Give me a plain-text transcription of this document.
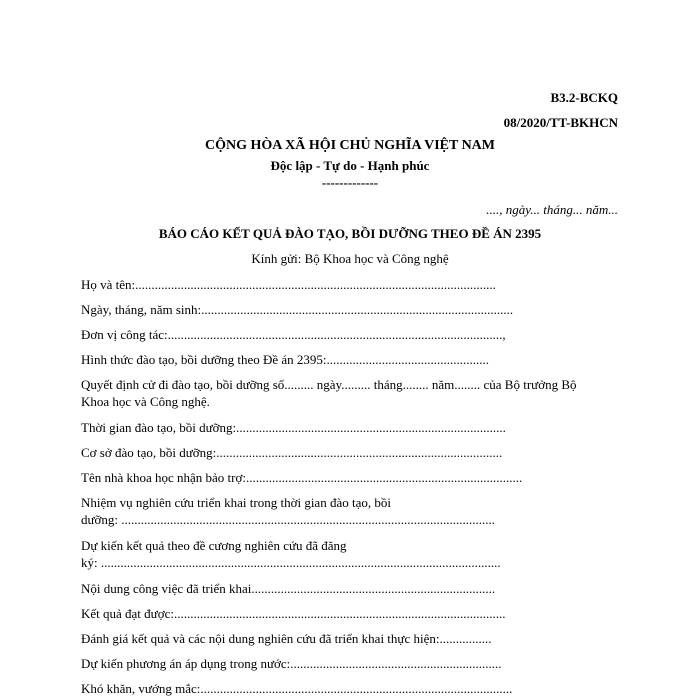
B3.2-BCKQ
08/2020/TT-BKHCN
CỘNG HÒA XÃ HỘI CHỦ NGHĨA VIỆT NAM
Độc lập - Tự do - Hạnh phúc
-------------
...., ngày... tháng... năm...
BÁO CÁO KẾT QUẢ ĐÀO TẠO, BỒI DƯỠNG THEO ĐỀ ÁN 2395
Kính gửi: Bộ Khoa học và Công nghệ
Họ và tên:...............................................................................................................
Ngày, tháng, năm sinh:................................................................................................
Đơn vị công tác:.......................................................................................................,
Hình thức đào tạo, bồi dưỡng theo Đề án 2395:..................................................
Quyết định cử đi đào tạo, bồi dưỡng số......... ngày......... tháng........ năm........ của Bộ trưởng Bộ
Khoa học và Công nghệ.
Thời gian đào tạo, bồi dưỡng:...................................................................................
Cơ sở đào tạo, bồi dưỡng:........................................................................................
Tên nhà khoa học nhận bảo trợ:.....................................................................................
Nhiệm vụ nghiên cứu triển khai trong thời gian đào tạo, bồi
dưỡng: ...................................................................................................................
Dự kiến kết quả theo đề cương nghiên cứu đã đăng
ký: ...........................................................................................................................
Nội dung công việc đã triển khai...........................................................................
Kết quả đạt được:......................................................................................................
Đánh giá kết quả và các nội dung nghiên cứu đã triển khai thực hiện:................
Dự kiến phương án áp dụng trong nước:.................................................................
Khó khăn, vướng mắc:................................................................................................
